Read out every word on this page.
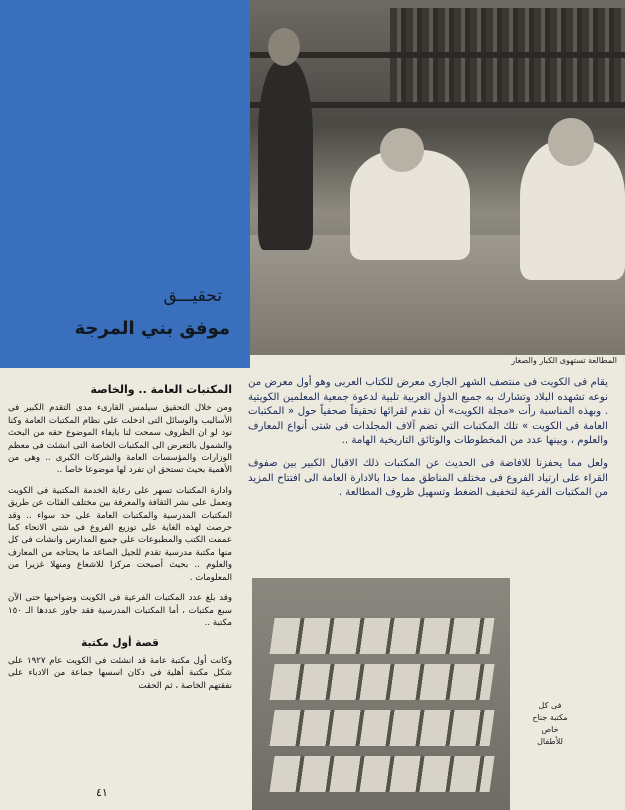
تحقيـــق
موفق بني المرجة
المطالعة تستهوى الكبار والصغار

يقام فى الكويت فى منتصف الشهر الجارى معرض للكتاب العربى وهو أول معرض من نوعه تشهده البلاد وتشارك به جميع الدول العربية تلبية لدعوة جمعية المعلمين الكويتية . وبهذه المناسبة رأت «مجلة الكويت» أن تقدم لقرائها تحقيقاً صحفياً حول « المكتبات العامة فى الكويت » تلك المكتبات التي تضم آلاف المجلدات فى شتى أنواع المعارف والعلوم ، وبينها عدد من المخطوطات والوثائق التاريخية الهامة ..

ولعل مما يحفزنا للافاضة فى الحديث عن المكتبات ذلك الاقبال الكبير بين صفوف القراء على ارتياد الفروع فى مختلف المناطق مما حدا بالادارة العامة الى افتتاح المزيد من المكتبات الفرعية لتخفيف الضغط وتسهيل ظروف المطالعة .

المكتبات العامة .. والخاصة

ومن خلال التحقيق سيلمس القارىء مدى التقدم الكبير فى الأساليب والوسائل التى ادخلت على نظام المكتبات العامة وكنا نود لو ان الظروف سمحت لنا بايفاء الموضوع حقه من البحث والشمول بالتعرض الى المكتبات الخاصة التى انشئت فى معظم الوزارات والمؤسسات العامة والشركات الكبرى .. وهى من الأهمية بحيث تستحق ان تفرد لها موضوعا خاصا ..

وادارة المكتبات تسهر على رعاية الخدمة المكتبية فى الكويت وتعمل على نشر الثقافة والمعرفة بين مختلف الفئات عن طريق المكتبات المدرسية والمكتبات العامة على حد سواء .. وقد حرصت لهذه الغاية على توزيع الفروع فى شتى الانحاء كما عممت الكتب والمطبوعات على جميع المدارس وانشات فى كل منها مكتبة مدرسية تقدم للجيل الصاعد ما يحتاجه من المعارف والعلوم .. بحيث أصبحت مركزا للاشعاع ومنهلا غزيرا من المعلومات .

وقد بلغ عدد المكتبات الفرعية فى الكويت وضواحيها حتى الآن سبع مكتبات ، أما المكتبات المدرسية فقد جاوز عددها الـ ١٥٠ مكتبة ..

قصة أول مكتبة

وكانت أول مكتبة عامة قد انشئت فى الكويت عام ١٩٢٧ على شكل مكتبة أهلية فى دكان اسسها جماعة من الادباء على نفقتهم الخاصة ، ثم الحقت

فى كل مكتبة جناح خاص للأطفال
٤١
